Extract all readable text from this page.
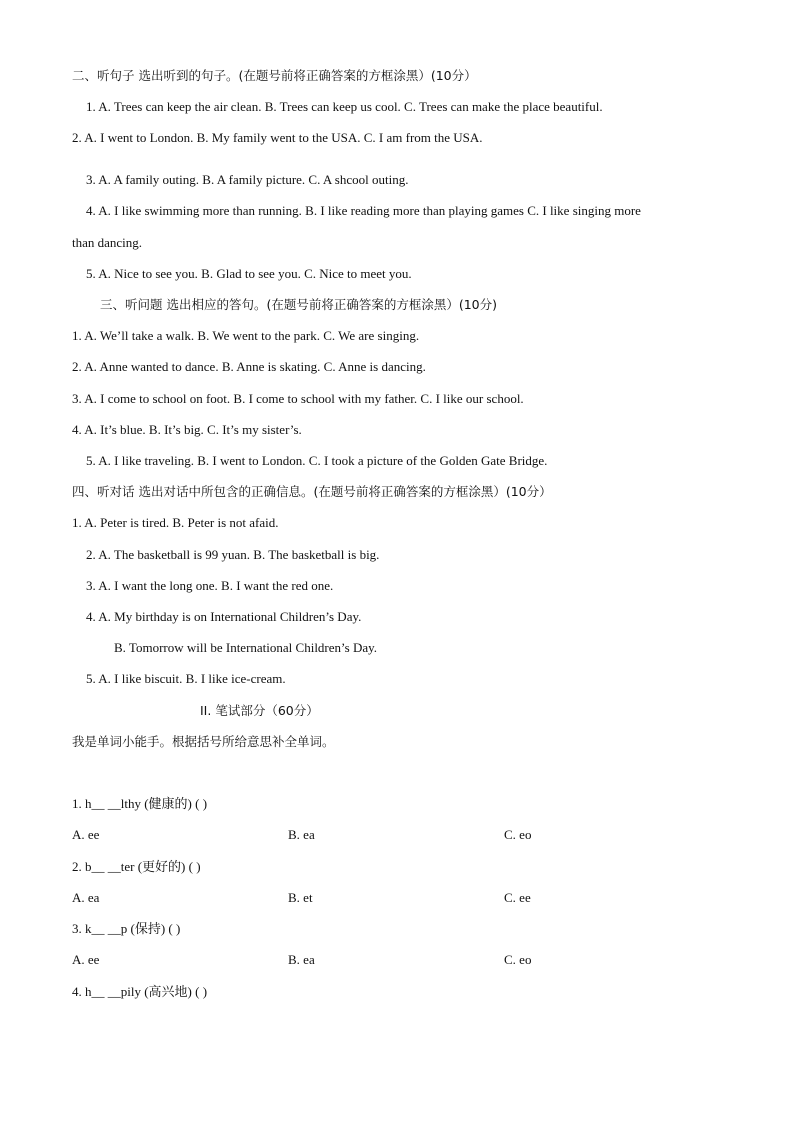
二、听句子 选出听到的句子。(在题号前将正确答案的方框涂黑）(10分）
1. A. Trees can keep the air clean. B. Trees can keep us cool. C. Trees can make the place beautiful.
2. A. I went to London. B. My family went to the USA. C. I am from the USA.
3. A. A family outing. B. A family picture. C. A shcool outing.
4. A. I like swimming more than running. B. I like reading more than playing games C. I like singing more
than dancing.
5. A. Nice to see you. B. Glad to see you. C. Nice to meet you.
三、听问题 选出相应的答句。(在题号前将正确答案的方框涂黑）(10分)
1. A. We’ll take a walk. B. We went to the park. C. We are singing.
2. A. Anne wanted to dance. B. Anne is skating. C. Anne is dancing.
3. A. I come to school on foot. B. I come to school with my father. C. I like our school.
4. A. It’s blue. B. It’s big. C. It’s my sister’s.
5. A. I like traveling. B. I went to London. C. I took a picture of the Golden Gate Bridge.
四、听对话 选出对话中所包含的正确信息。(在题号前将正确答案的方框涂黑）(10分）
1. A. Peter is tired. B. Peter is not afaid.
2. A. The basketball is 99 yuan. B. The basketball is big.
3. A. I want the long one. B. I want the red one.
4. A. My birthday is on International Children’s Day.
B. Tomorrow will be International Children’s Day.
5. A. I like biscuit. B. I like ice-cream.
II. 笔试部分（60分）
我是单词小能手。根据括号所给意思补全单词。
1. h__ __lthy (健康的) ( )
A. ee	B. ea	C. eo
2. b__ __ter (更好的) ( )
A. ea	B. et	C. ee
3. k__ __p (保持) ( )
A. ee	B. ea	C. eo
4. h__ __pily (高兴地) ( )
